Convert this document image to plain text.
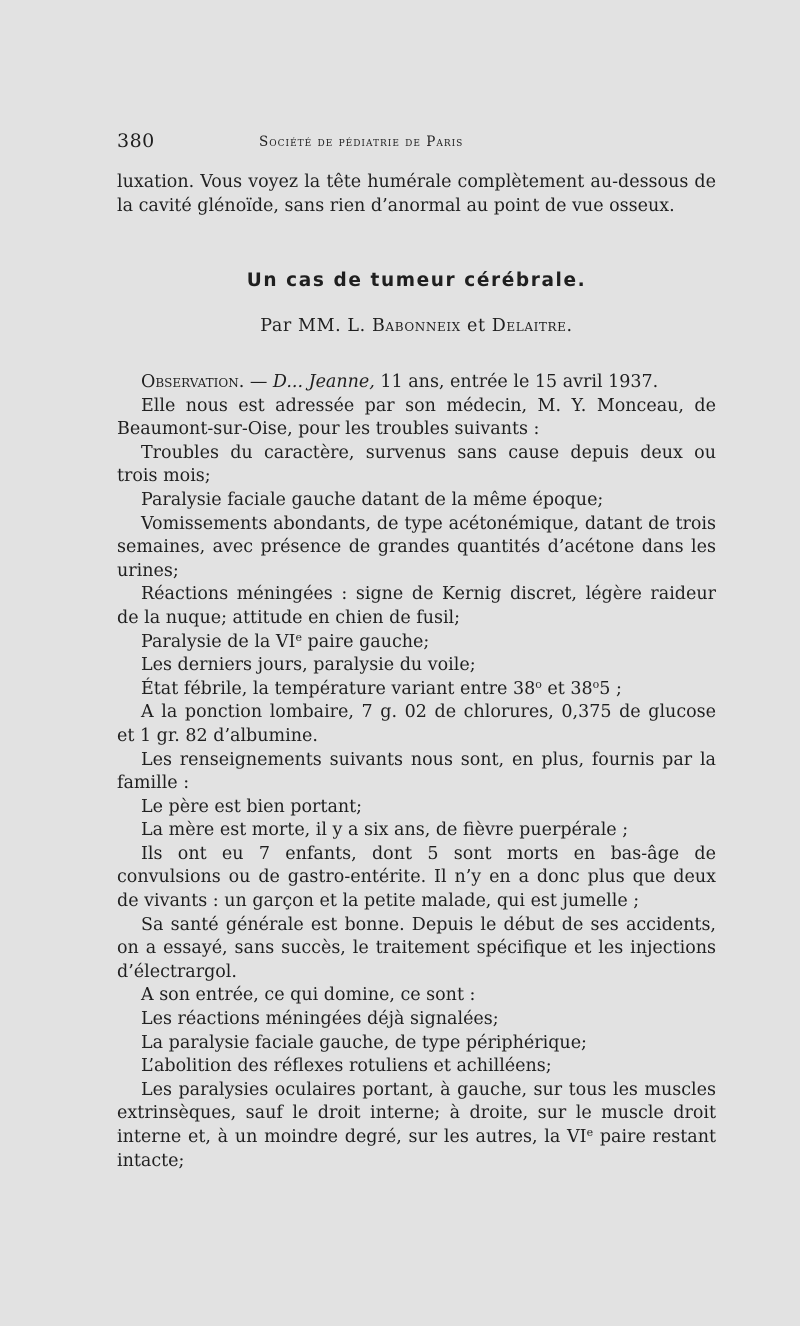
380	Société de pédiatrie de Paris

luxation. Vous voyez la tête humérale complètement au-dessous de la cavité glénoïde, sans rien d’anormal au point de vue osseux.

Un cas de tumeur cérébrale.

Par MM. L. Babonneix et Delaitre.

Observation. — D... Jeanne, 11 ans, entrée le 15 avril 1937.

Elle nous est adressée par son médecin, M. Y. Monceau, de Beaumont-sur-Oise, pour les troubles suivants :

Troubles du caractère, survenus sans cause depuis deux ou trois mois;

Paralysie faciale gauche datant de la même époque;

Vomissements abondants, de type acétonémique, datant de trois semaines, avec présence de grandes quantités d’acétone dans les urines;

Réactions méningées : signe de Kernig discret, légère raideur de la nuque; attitude en chien de fusil;

Paralysie de la VIe paire gauche;

Les derniers jours, paralysie du voile;

État fébrile, la température variant entre 38$^o$ et 38$^o$5 ;

A la ponction lombaire, 7 g. 02 de chlorures, 0,375 de glucose et 1 gr. 82 d’albumine.

Les renseignements suivants nous sont, en plus, fournis par la famille :

Le père est bien portant;

La mère est morte, il y a six ans, de fièvre puerpérale ;

Ils ont eu 7 enfants, dont 5 sont morts en bas-âge de convulsions ou de gastro-entérite. Il n’y en a donc plus que deux de vivants : un garçon et la petite malade, qui est jumelle ;

Sa santé générale est bonne. Depuis le début de ses accidents, on a essayé, sans succès, le traitement spécifique et les injections d’électrargol.

A son entrée, ce qui domine, ce sont :

Les réactions méningées déjà signalées;

La paralysie faciale gauche, de type périphérique;

L’abolition des réflexes rotuliens et achilléens;

Les paralysies oculaires portant, à gauche, sur tous les muscles extrinsèques, sauf le droit interne; à droite, sur le muscle droit interne et, à un moindre degré, sur les autres, la VIe paire restant intacte;
